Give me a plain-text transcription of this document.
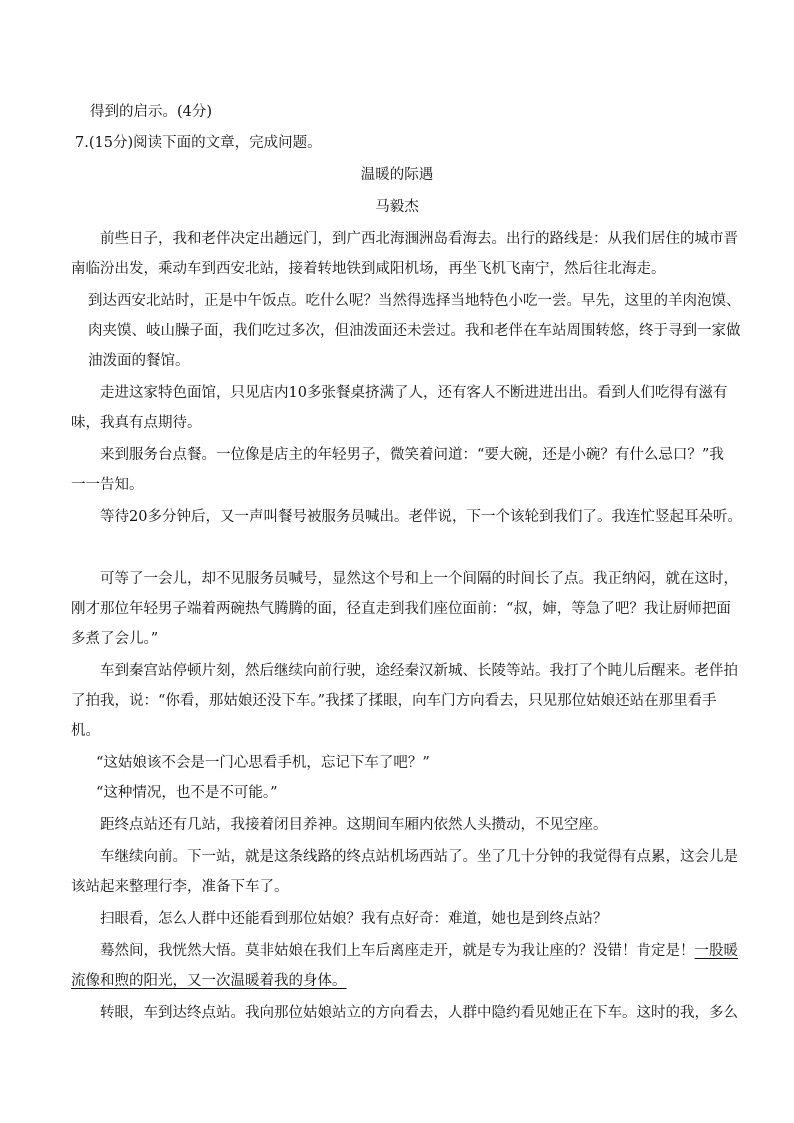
得到的启示。(4分)
7.(15分)阅读下面的文章，完成问题。
温暖的际遇
马毅杰
前些日子，我和老伴决定出趟远门，到广西北海涠洲岛看海去。出行的路线是：从我们居住的城市晋
南临汾出发，乘动车到西安北站，接着转地铁到咸阳机场，再坐飞机飞南宁，然后往北海走。
到达西安北站时，正是中午饭点。吃什么呢？当然得选择当地特色小吃一尝。早先，这里的羊肉泡馍、
肉夹馍、岐山臊子面，我们吃过多次，但油泼面还未尝过。我和老伴在车站周围转悠，终于寻到一家做
油泼面的餐馆。
走进这家特色面馆，只见店内10多张餐桌挤满了人，还有客人不断进进出出。看到人们吃得有滋有
味，我真有点期待。
来到服务台点餐。一位像是店主的年轻男子，微笑着问道：“要大碗，还是小碗？有什么忌口？”我
一一告知。
等待20多分钟后，又一声叫餐号被服务员喊出。老伴说，下一个该轮到我们了。我连忙竖起耳朵听。
可等了一会儿，却不见服务员喊号，显然这个号和上一个间隔的时间长了点。我正纳闷，就在这时，
刚才那位年轻男子端着两碗热气腾腾的面，径直走到我们座位面前：“叔，婶，等急了吧？我让厨师把面
多煮了会儿。”
车到秦宫站停顿片刻，然后继续向前行驶，途经秦汉新城、长陵等站。我打了个盹儿后醒来。老伴拍
了拍我，说：“你看，那姑娘还没下车。”我揉了揉眼，向车门方向看去，只见那位姑娘还站在那里看手
机。
“这姑娘该不会是一门心思看手机，忘记下车了吧？”
“这种情况，也不是不可能。”
距终点站还有几站，我接着闭目养神。这期间车厢内依然人头攒动，不见空座。
车继续向前。下一站，就是这条线路的终点站机场西站了。坐了几十分钟的我觉得有点累，这会儿是
该站起来整理行李，准备下车了。
扫眼看，怎么人群中还能看到那位姑娘？我有点好奇：难道，她也是到终点站？
蓦然间，我恍然大悟。莫非姑娘在我们上车后离座走开，就是专为我让座的？没错！肯定是！一股暖
流像和煦的阳光，又一次温暖着我的身体。
转眼，车到达终点站。我向那位姑娘站立的方向看去，人群中隐约看见她正在下车。这时的我，多么
